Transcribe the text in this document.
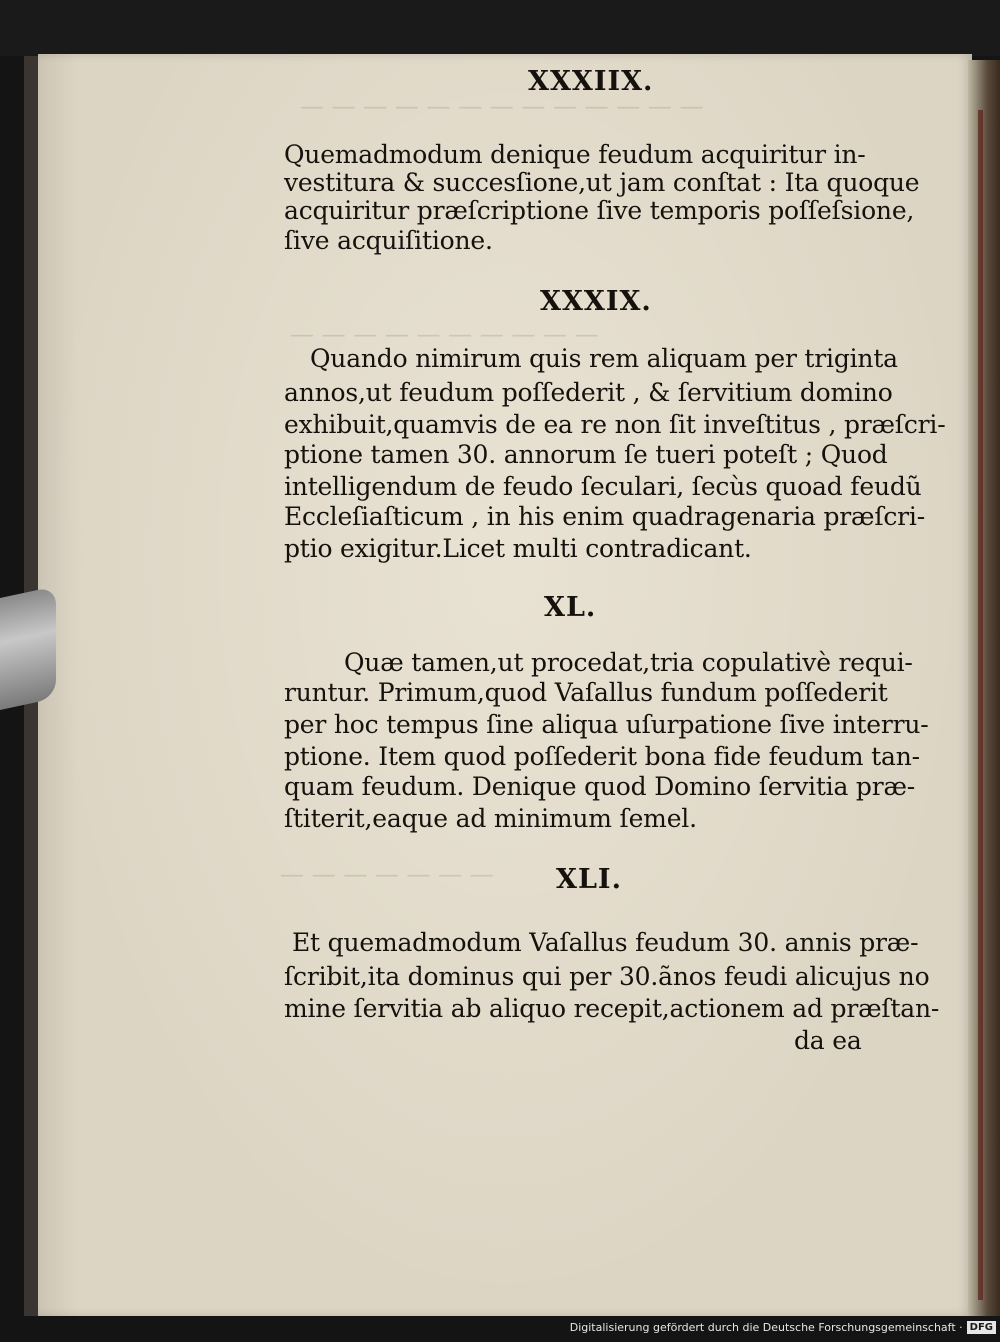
— — — — — — — — — — — — —
— — — — — — — — — —
— — — — — — —
XXXIIX.
Quemadmodum denique feudum acquiritur in-
vestitura & succesſione,ut jam conſtat : Ita quoque
acquiritur præſcriptione ſive temporis poſſeſsione,
ſive acquiſitione.
XXXIX.
Quando nimirum quis rem aliquam per triginta
annos,ut feudum poſſederit , & ſervitium domino
exhibuit,quamvis de ea re non ſit inveſtitus , præſcri-
ptione tamen 30. annorum ſe tueri poteſt ; Quod
intelligendum de feudo ſeculari, ſecùs quoad feudũ
Eccleſiaſticum , in his enim quadragenaria præſcri-
ptio exigitur.Licet multi contradicant.
XL.
Quæ tamen,ut procedat,tria copulativè requi-
runtur. Primum,quod Vaſallus fundum poſſederit
per hoc tempus ſine aliqua uſurpatione ſive interru-
ptione. Item quod poſſederit bona fide feudum tan-
quam feudum. Denique quod Domino ſervitia præ-
ſtiterit,eaque ad minimum ſemel.
XLI.
Et quemadmodum Vaſallus feudum 30. annis præ-
ſcribit,ita dominus qui per 30.ãnos feudi alicujus no
mine ſervitia ab aliquo recepit,actionem ad præſtan-
da ea
Digitalisierung gefördert durch die Deutsche Forschungsgemeinschaft · DFG
